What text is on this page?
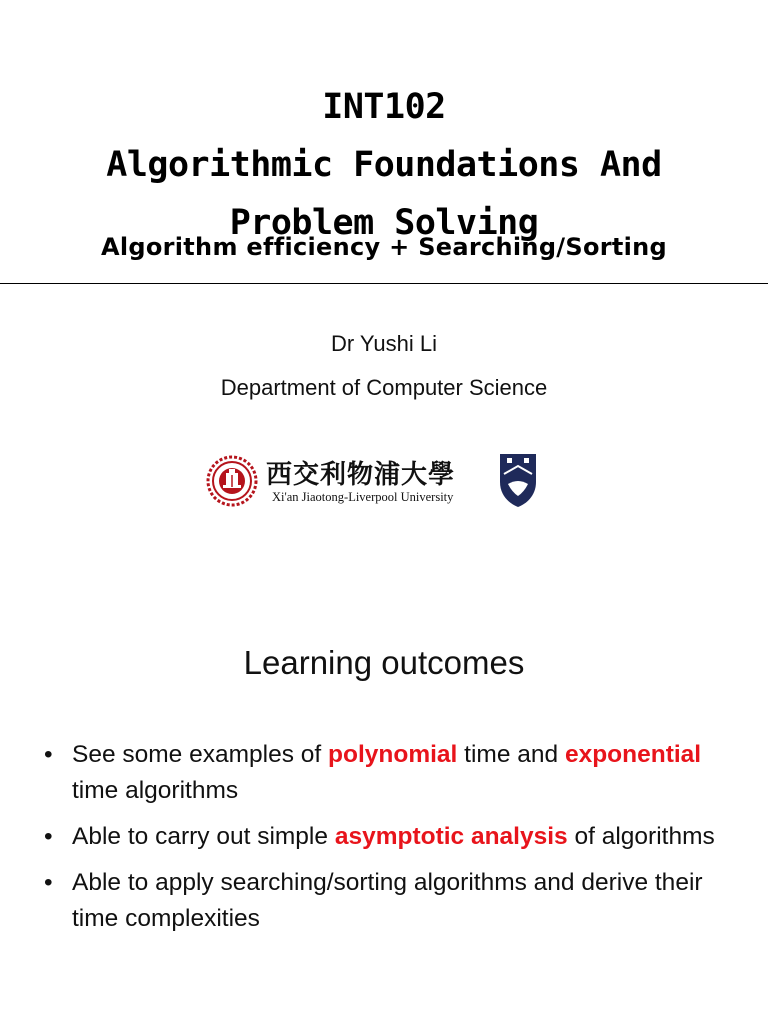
INT102
Algorithmic Foundations And
Problem Solving
Algorithm efficiency + Searching/Sorting
Dr Yushi Li
Department of Computer Science
西交利物浦大學
Xi'an Jiaotong-Liverpool University
Learning outcomes
• See some examples of polynomial time and exponential time algorithms
• Able to carry out simple asymptotic analysis of algorithms
• Able to apply searching/sorting algorithms and derive their time complexities
